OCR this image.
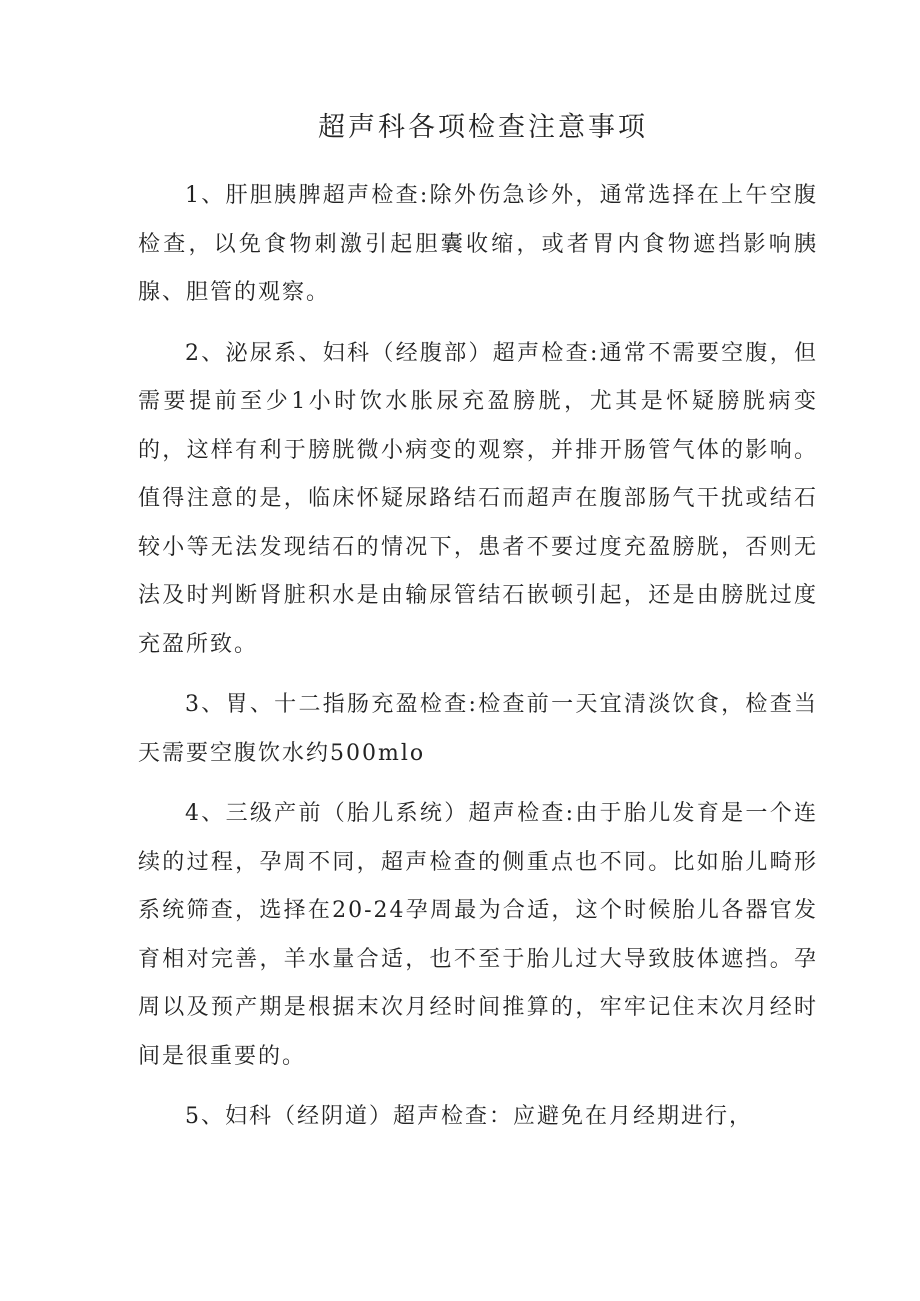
超声科各项检查注意事项

1、肝胆胰脾超声检查:除外伤急诊外，通常选择在上午空腹检查，以免食物刺激引起胆囊收缩，或者胃内食物遮挡影响胰腺、胆管的观察。

2、泌尿系、妇科（经腹部）超声检查:通常不需要空腹，但需要提前至少1小时饮水胀尿充盈膀胱，尤其是怀疑膀胱病变的，这样有利于膀胱微小病变的观察，并排开肠管气体的影响。值得注意的是，临床怀疑尿路结石而超声在腹部肠气干扰或结石较小等无法发现结石的情况下，患者不要过度充盈膀胱，否则无法及时判断肾脏积水是由输尿管结石嵌顿引起，还是由膀胱过度充盈所致。

3、胃、十二指肠充盈检查:检查前一天宜清淡饮食，检查当天需要空腹饮水约500mlo

4、三级产前（胎儿系统）超声检查:由于胎儿发育是一个连续的过程，孕周不同，超声检查的侧重点也不同。比如胎儿畸形系统筛查，选择在20-24孕周最为合适，这个时候胎儿各器官发育相对完善，羊水量合适，也不至于胎儿过大导致肢体遮挡。孕周以及预产期是根据末次月经时间推算的，牢牢记住末次月经时间是很重要的。

5、妇科（经阴道）超声检查：应避免在月经期进行，
